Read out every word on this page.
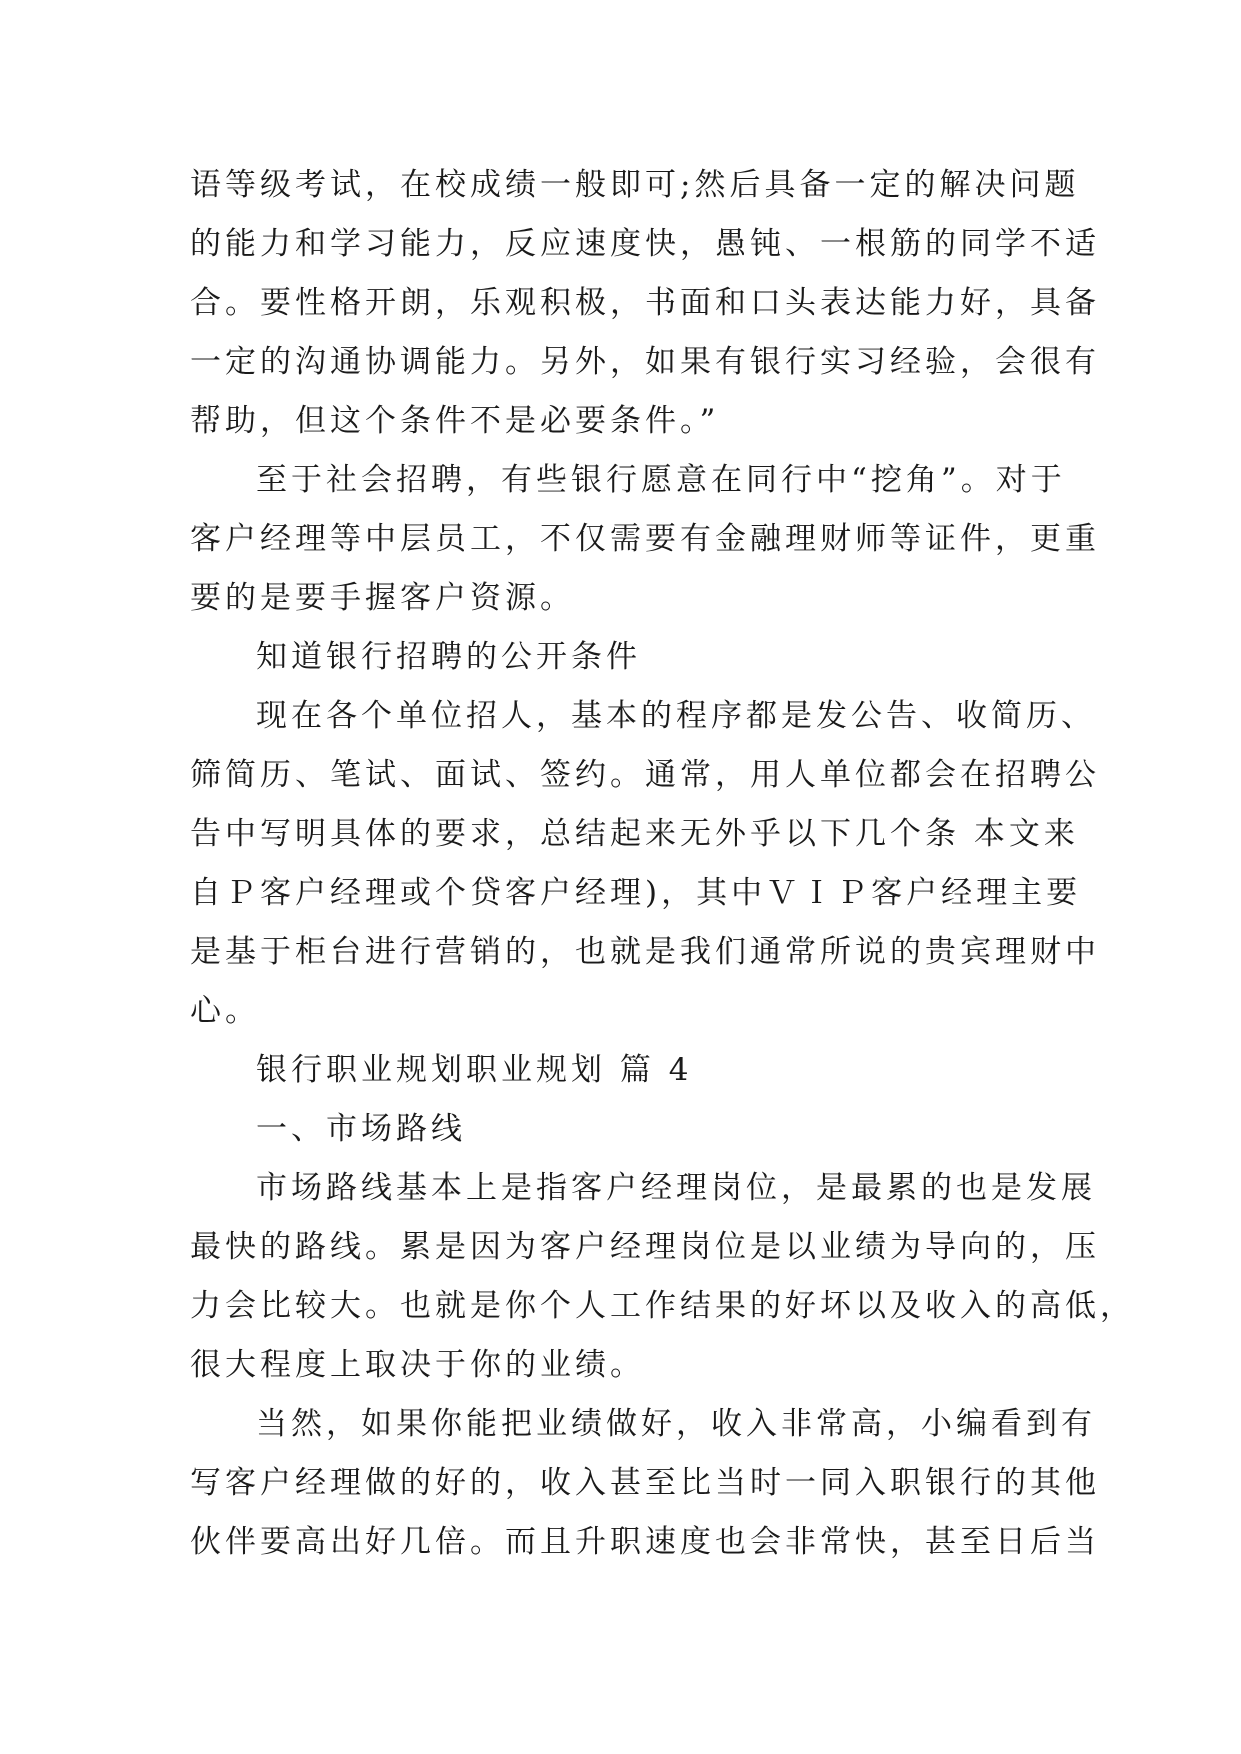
语等级考试，在校成绩一般即可;然后具备一定的解决问题
的能力和学习能力，反应速度快，愚钝、一根筋的同学不适
合。要性格开朗，乐观积极，书面和口头表达能力好，具备
一定的沟通协调能力。另外，如果有银行实习经验，会很有
帮助，但这个条件不是必要条件。”
至于社会招聘，有些银行愿意在同行中“挖角”。对于
客户经理等中层员工，不仅需要有金融理财师等证件，更重
要的是要手握客户资源。
知道银行招聘的公开条件
现在各个单位招人，基本的程序都是发公告、收简历、
筛简历、笔试、面试、签约。通常，用人单位都会在招聘公
告中写明具体的要求，总结起来无外乎以下几个条 本文来
自Ｐ客户经理或个贷客户经理)，其中ＶＩＰ客户经理主要
是基于柜台进行营销的，也就是我们通常所说的贵宾理财中
心。
银行职业规划职业规划 篇 4
一、市场路线
市场路线基本上是指客户经理岗位，是最累的也是发展
最快的路线。累是因为客户经理岗位是以业绩为导向的，压
力会比较大。也就是你个人工作结果的好坏以及收入的高低，
很大程度上取决于你的业绩。
当然，如果你能把业绩做好，收入非常高，小编看到有
写客户经理做的好的，收入甚至比当时一同入职银行的其他
伙伴要高出好几倍。而且升职速度也会非常快，甚至日后当
